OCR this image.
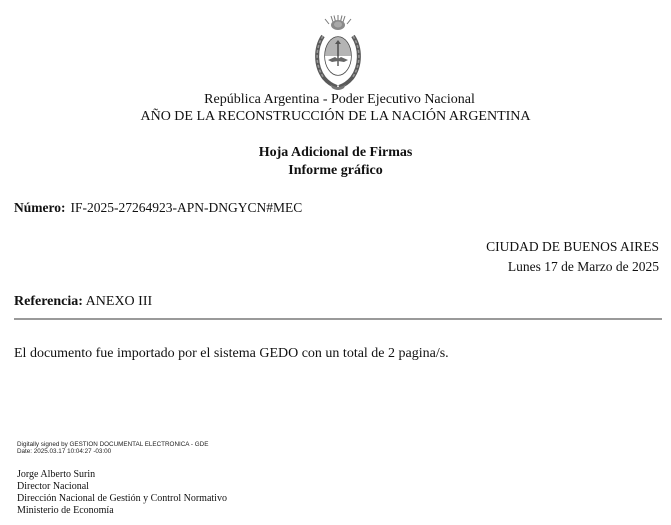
República Argentina - Poder Ejecutivo Nacional
AÑO DE LA RECONSTRUCCIÓN DE LA NACIÓN ARGENTINA
Hoja Adicional de Firmas
Informe gráfico
Número: IF-2025-27264923-APN-DNGYCN#MEC
CIUDAD DE BUENOS AIRES
Lunes 17 de Marzo de 2025
Referencia: ANEXO III
El documento fue importado por el sistema GEDO con un total de 2 pagina/s.
Digitally signed by GESTION DOCUMENTAL ELECTRONICA - GDE
Date: 2025.03.17 10:04:27 -03:00
Jorge Alberto Surin
Director Nacional
Dirección Nacional de Gestión y Control Normativo
Ministerio de Economía
